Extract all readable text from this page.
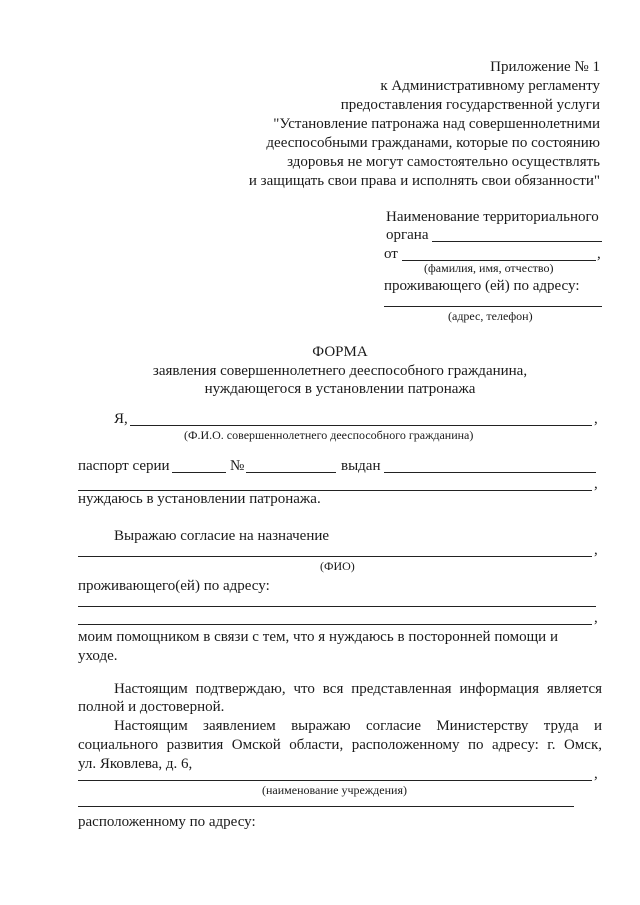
Приложение № 1
к Административному регламенту
предоставления государственной услуги
"Установление патронажа над совершеннолетними
дееспособными гражданами, которые по состоянию
здоровья не могут самостоятельно осуществлять
и защищать свои права и исполнять свои обязанности"
Наименование территориального
органа
от	,
(фамилия, имя, отчество)
проживающего (ей) по адресу:
(адрес, телефон)
ФОРМА
заявления совершеннолетнего дееспособного гражданина,
нуждающегося в установлении патронажа
Я,	,
(Ф.И.О. совершеннолетнего дееспособного гражданина)
паспорт серии	№	выдан
,
нуждаюсь в установлении патронажа.
Выражаю согласие на назначение
,
(ФИО)
проживающего(ей) по адресу:
,
моим помощником в связи с тем, что я нуждаюсь в посторонней помощи и
уходе.
Настоящим подтверждаю, что вся представленная информация является
полной и достоверной.
Настоящим заявлением выражаю согласие Министерству труда и
социального развития Омской области, расположенному по адресу: г. Омск,
ул. Яковлева, д. 6,
,
(наименование учреждения)
расположенному по адресу:
